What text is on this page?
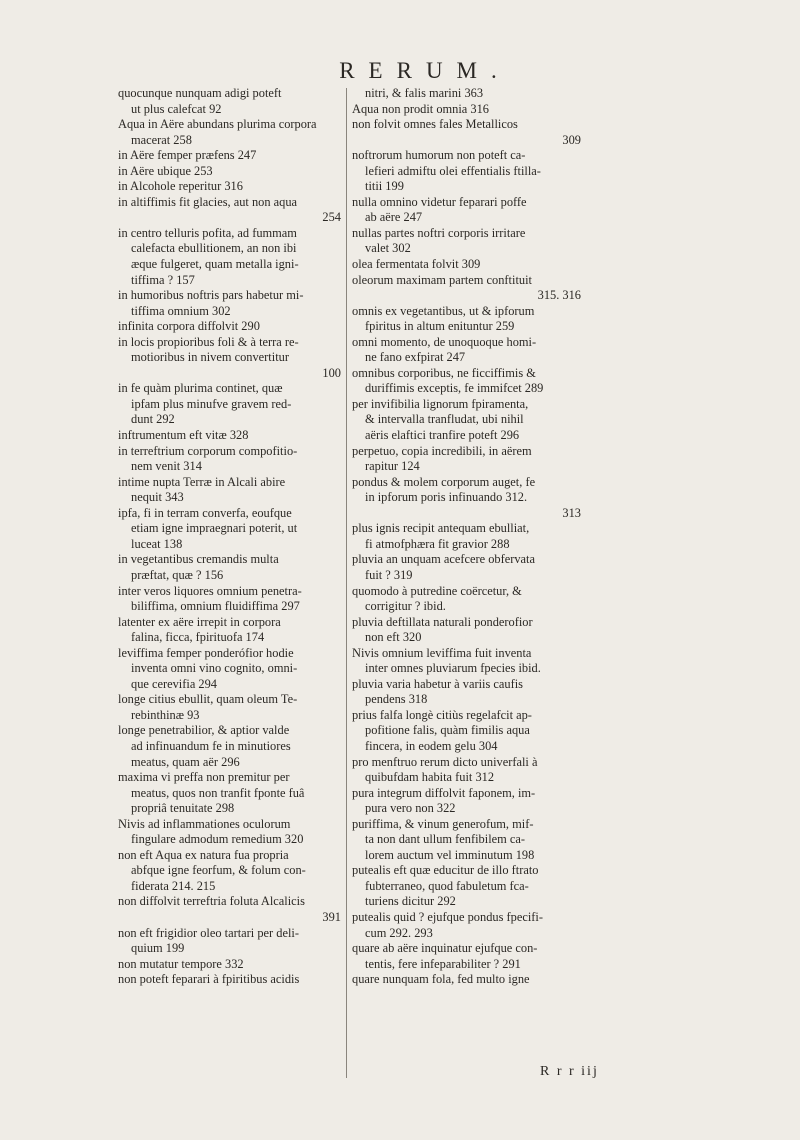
RERUM.
quocunque nunquam adigi poteft
ut plus calefcat 92
Aqua in Aëre abundans plurima corpora
macerat 258
in Aëre femper præfens 247
in Aëre ubique 253
in Alcohole reperitur 316
in altiffimis fit glacies, aut non aqua
254
in centro telluris pofita, ad fummam
calefacta ebullitionem, an non ibi
æque fulgeret, quam metalla igni-
tiffima ? 157
in humoribus noftris pars habetur mi-
tiffima omnium 302
infinita corpora diffolvit 290
in locis propioribus foli & à terra re-
motioribus in nivem convertitur
100
in fe quàm plurima continet, quæ
ipfam plus minufve gravem red-
dunt 292
inftrumentum eft vitæ 328
in terreftrium corporum compofitio-
nem venit 314
intime nupta Terræ in Alcali abire
nequit 343
ipfa, fi in terram converfa, eoufque
etiam igne impraegnari poterit, ut
luceat 138
in vegetantibus cremandis multa
præftat, quæ ? 156
inter veros liquores omnium penetra-
biliffima, omnium fluidiffima 297
latenter ex aëre irrepit in corpora
falina, ficca, fpirituofa 174
leviffima femper ponderófior hodie
inventa omni vino cognito, omni-
que cerevifia 294
longe citius ebullit, quam oleum Te-
rebinthinæ 93
longe penetrabilior, & aptior valde
ad infinuandum fe in minutiores
meatus, quam aër 296
maxima vi preffa non premitur per
meatus, quos non tranfit fponte fuâ
propriâ tenuitate 298
Nivis ad inflammationes oculorum
fingulare admodum remedium 320
non eft Aqua ex natura fua propria
abfque igne feorfum, & folum con-
fiderata 214. 215
non diffolvit terreftria foluta Alcalicis
391
non eft frigidior oleo tartari per deli-
quium 199
non mutatur tempore 332
non poteft feparari à fpiritibus acidis
nitri, & falis marini 363
Aqua non prodit omnia 316
non folvit omnes fales Metallicos
309
noftrorum humorum non poteft ca-
lefieri admiftu olei effentialis ftilla-
titii 199
nulla omnino videtur feparari poffe
ab aëre 247
nullas partes noftri corporis irritare
valet 302
olea fermentata folvit 309
oleorum maximam partem conftituit
315. 316
omnis ex vegetantibus, ut & ipforum
fpiritus in altum enituntur 259
omni momento, de unoquoque homi-
ne fano exfpirat 247
omnibus corporibus, ne ficciffimis &
duriffimis exceptis, fe immifcet 289
per invifibilia lignorum fpiramenta,
& intervalla tranfludat, ubi nihil
aëris elaftici tranfire poteft 296
perpetuo, copia incredibili, in aërem
rapitur 124
pondus & molem corporum auget, fe
in ipforum poris infinuando 312.
313
plus ignis recipit antequam ebulliat,
fi atmofphæra fit gravior 288
pluvia an unquam acefcere obfervata
fuit ? 319
quomodo à putredine coërcetur, &
corrigitur ? ibid.
pluvia deftillata naturali ponderofior
non eft 320
Nivis omnium leviffima fuit inventa
inter omnes pluviarum fpecies ibid.
pluvia varia habetur à variis caufis
pendens 318
prius falfa longè citiùs regelafcit ap-
pofitione falis, quàm fimilis aqua
fincera, in eodem gelu 304
pro menftruo rerum dicto univerfali à
quibufdam habita fuit 312
pura integrum diffolvit faponem, im-
pura vero non 322
puriffima, & vinum generofum, mif-
ta non dant ullum fenfibilem ca-
lorem auctum vel imminutum 198
putealis eft quæ educitur de illo ftrato
fubterraneo, quod fabuletum fca-
turiens dicitur 292
putealis quid ? ejufque pondus fpecifi-
cum 292. 293
quare ab aëre inquinatur ejufque con-
tentis, fere infeparabiliter ? 291
quare nunquam fola, fed multo igne
R r r iij
